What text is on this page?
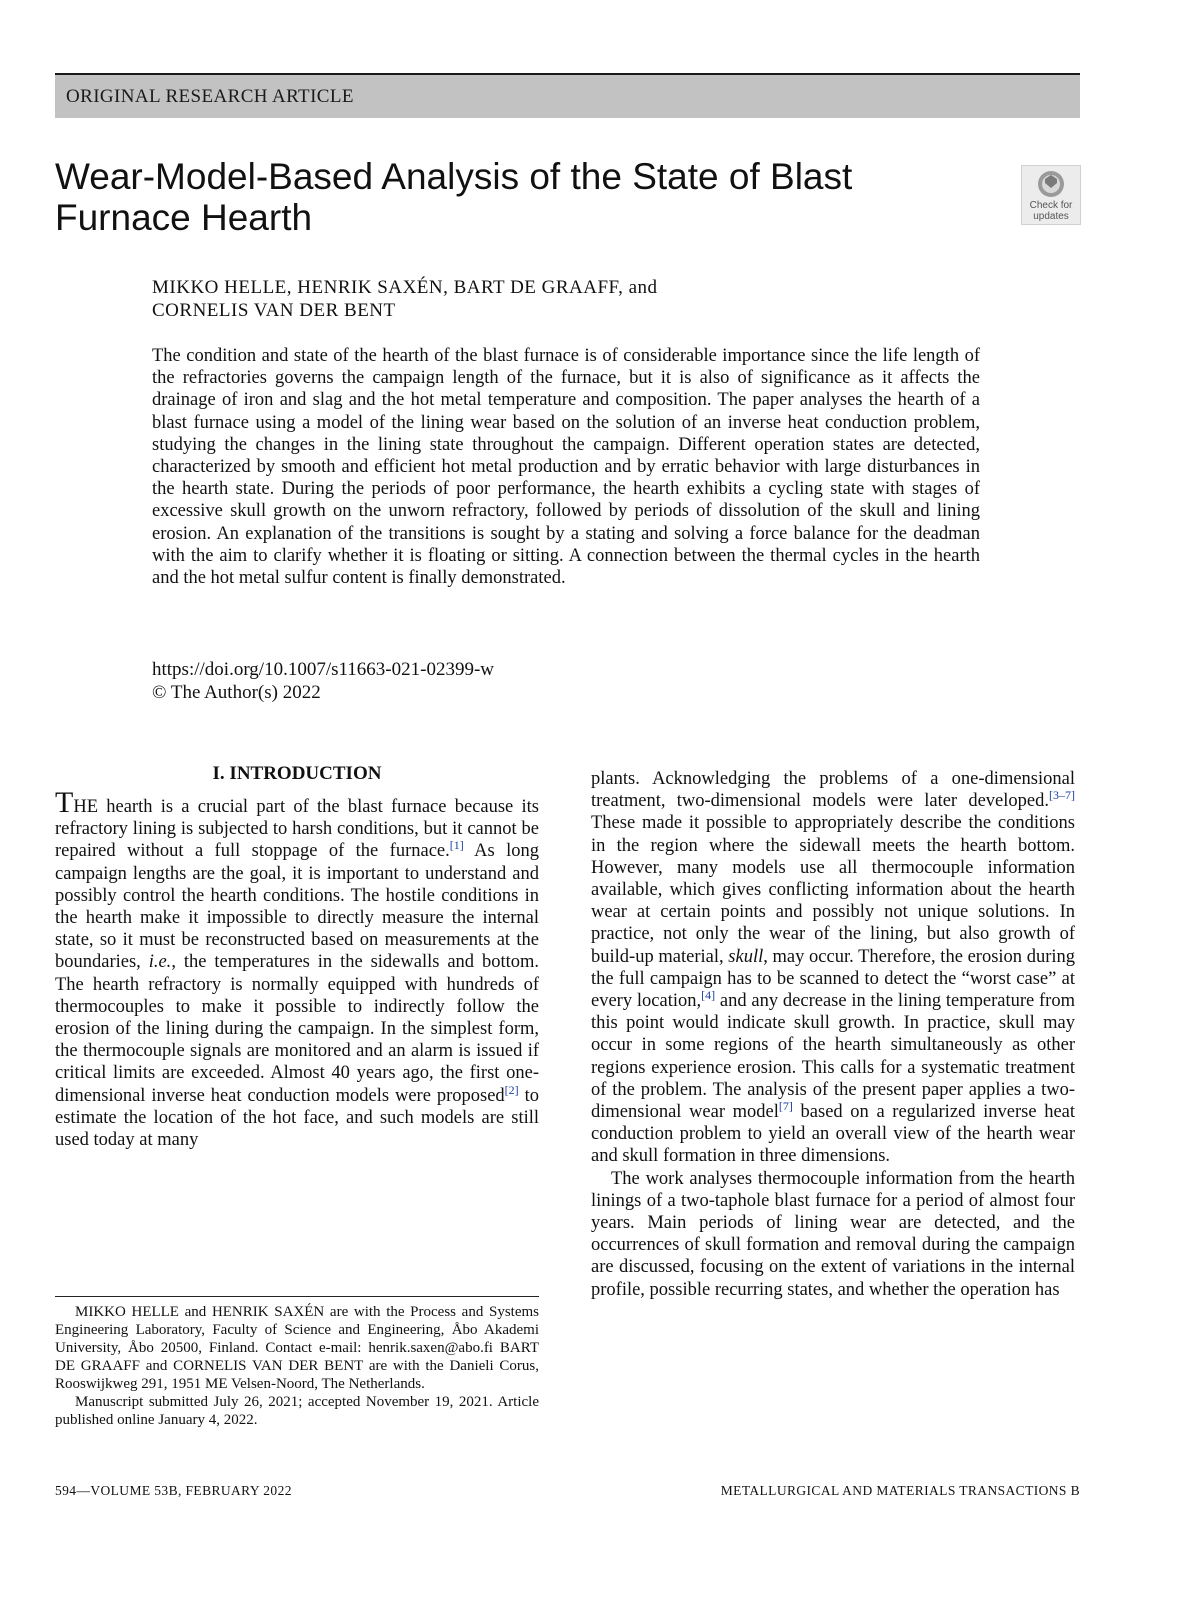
ORIGINAL RESEARCH ARTICLE
Wear-Model-Based Analysis of the State of Blast Furnace Hearth	Check for updates
MIKKO HELLE, HENRIK SAXÉN, BART DE GRAAFF, and
CORNELIS VAN DER BENT

The condition and state of the hearth of the blast furnace is of considerable importance since the life length of the refractories governs the campaign length of the furnace, but it is also of significance as it affects the drainage of iron and slag and the hot metal temperature and composition. The paper analyses the hearth of a blast furnace using a model of the lining wear based on the solution of an inverse heat conduction problem, studying the changes in the lining state throughout the campaign. Different operation states are detected, characterized by smooth and efficient hot metal production and by erratic behavior with large disturbances in the hearth state. During the periods of poor performance, the hearth exhibits a cycling state with stages of excessive skull growth on the unworn refractory, followed by periods of dissolution of the skull and lining erosion. An explanation of the transitions is sought by a stating and solving a force balance for the deadman with the aim to clarify whether it is floating or sitting. A connection between the thermal cycles in the hearth and the hot metal sulfur content is finally demonstrated.

https://doi.org/10.1007/s11663-021-02399-w
© The Author(s) 2022
I. INTRODUCTION

THE hearth is a crucial part of the blast furnace because its refractory lining is subjected to harsh conditions, but it cannot be repaired without a full stoppage of the furnace.[1] As long campaign lengths are the goal, it is important to understand and possibly control the hearth conditions. The hostile conditions in the hearth make it impossible to directly measure the internal state, so it must be reconstructed based on measurements at the boundaries, i.e., the temperatures in the sidewalls and bottom. The hearth refractory is normally equipped with hundreds of thermocouples to make it possible to indirectly follow the erosion of the lining during the campaign. In the simplest form, the thermocouple signals are monitored and an alarm is issued if critical limits are exceeded. Almost 40 years ago, the first one-dimensional inverse heat conduction models were proposed[2] to estimate the location of the hot face, and such models are still used today at many

plants. Acknowledging the problems of a one-dimensional treatment, two-dimensional models were later developed.[3–7] These made it possible to appropriately describe the conditions in the region where the sidewall meets the hearth bottom. However, many models use all thermocouple information available, which gives conflicting information about the hearth wear at certain points and possibly not unique solutions. In practice, not only the wear of the lining, but also growth of build-up material, skull, may occur. Therefore, the erosion during the full campaign has to be scanned to detect the “worst case” at every location,[4] and any decrease in the lining temperature from this point would indicate skull growth. In practice, skull may occur in some regions of the hearth simultaneously as other regions experience erosion. This calls for a systematic treatment of the problem. The analysis of the present paper applies a two-dimensional wear model[7] based on a regularized inverse heat conduction problem to yield an overall view of the hearth wear and skull formation in three dimensions.

The work analyses thermocouple information from the hearth linings of a two-taphole blast furnace for a period of almost four years. Main periods of lining wear are detected, and the occurrences of skull formation and removal during the campaign are discussed, focusing on the extent of variations in the internal profile, possible recurring states, and whether the operation has

MIKKO HELLE and HENRIK SAXÉN are with the Process and Systems Engineering Laboratory, Faculty of Science and Engineering, Åbo Akademi University, Åbo 20500, Finland. Contact e-mail: henrik.saxen@abo.fi BART DE GRAAFF and CORNELIS VAN DER BENT are with the Danieli Corus, Rooswijkweg 291, 1951 ME Velsen-Noord, The Netherlands.

Manuscript submitted July 26, 2021; accepted November 19, 2021. Article published online January 4, 2022.

594—VOLUME 53B, FEBRUARY 2022	METALLURGICAL AND MATERIALS TRANSACTIONS B
